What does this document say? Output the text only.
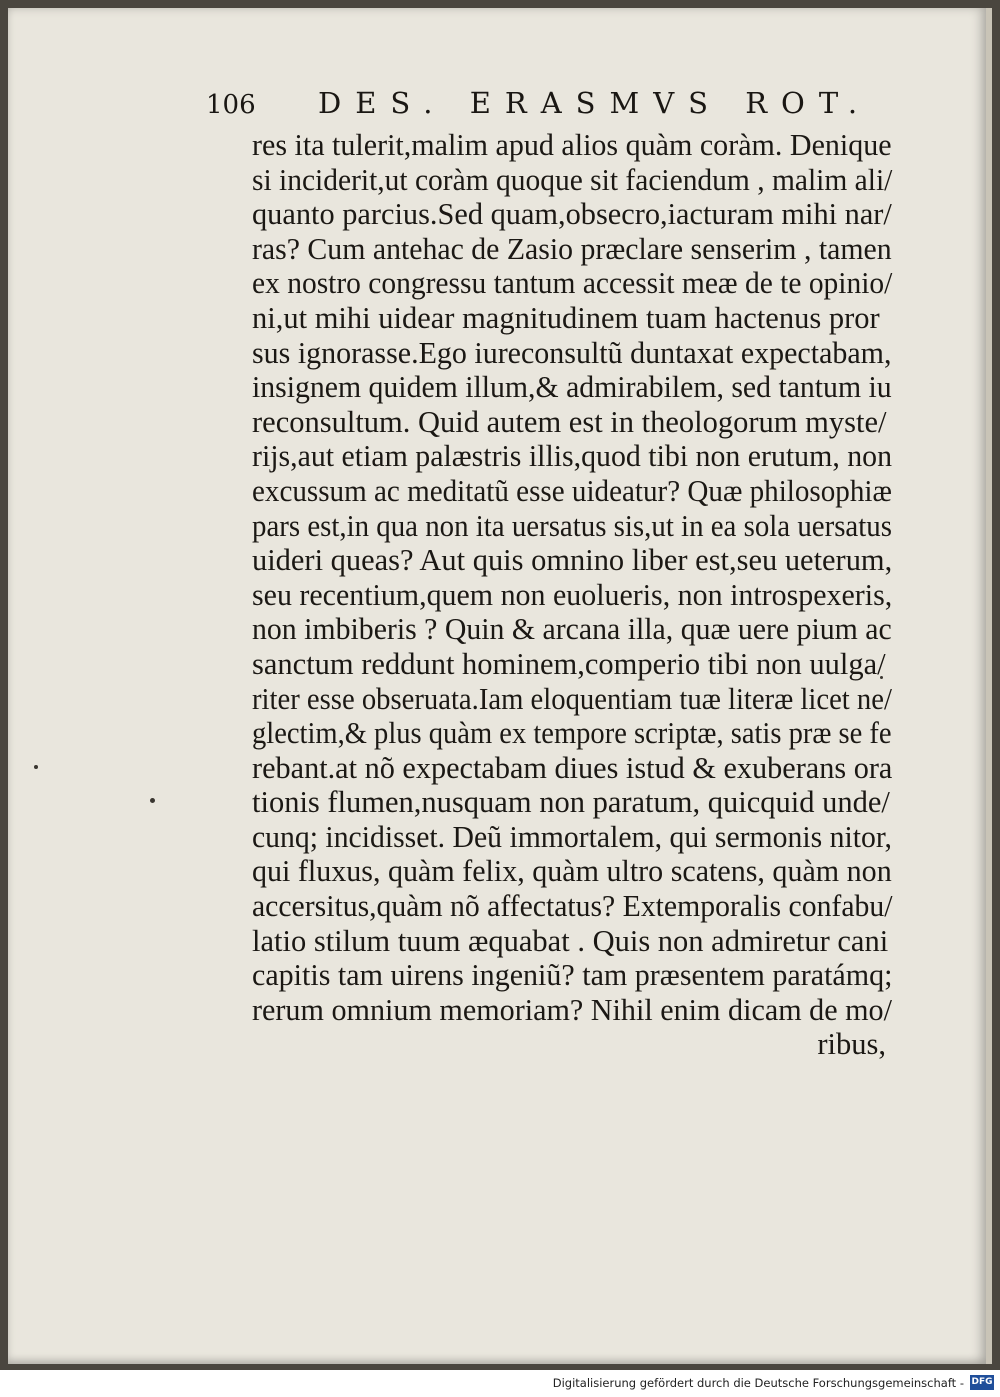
106 DES. ERASMVS ROT.
res ita tulerit,malim apud alios quàm coràm. Denique
si inciderit,ut coràm quoque sit faciendum , malim ali/
quanto parcius.Sed quam,obsecro,iacturam mihi nar/
ras? Cum antehac de Zasio præclare senserim , tamen
ex nostro congressu tantum accessit meæ de te opinio/
ni,ut mihi uidear magnitudinem tuam hactenus pror
sus ignorasse.Ego iureconsultũ duntaxat expectabam,
insignem quidem illum,& admirabilem, sed tantum iu
reconsultum. Quid autem est in theologorum myste/
rijs,aut etiam palæstris illis,quod tibi non erutum, non
excussum ac meditatũ esse uideatur? Quæ philosophiæ
pars est,in qua non ita uersatus sis,ut in ea sola uersatus
uideri queas? Aut quis omnino liber est,seu ueterum,
seu recentium,quem non euolueris, non introspexeris,
non imbiberis ? Quin & arcana illa, quæ uere pium ac
sanctum reddunt hominem,comperio tibi non uulga/
riter esse obseruata.Iam eloquentiam tuæ literæ licet ne/
glectim,& plus quàm ex tempore scriptæ, satis præ se fe
rebant.at nõ expectabam diues istud & exuberans ora
tionis flumen,nusquam non paratum, quicquid unde/
cunq; incidisset. Deũ immortalem, qui sermonis nitor,
qui fluxus, quàm felix, quàm ultro scatens, quàm non
accersitus,quàm nõ affectatus? Extemporalis confabu/
latio stilum tuum æquabat . Quis non admiretur cani
capitis tam uirens ingeniũ? tam præsentem paratámq;
rerum omnium memoriam? Nihil enim dicam de mo/
ribus,
Digitalisierung gefördert durch die Deutsche Forschungsgemeinschaft - DFG
